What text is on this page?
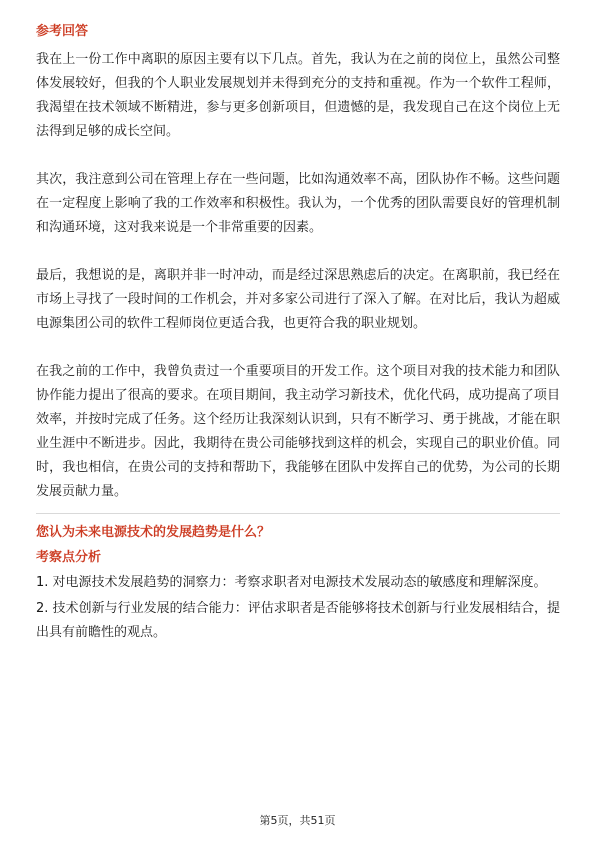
参考回答

我在上一份工作中离职的原因主要有以下几点。首先，我认为在之前的岗位上，虽然公司整体发展较好，但我的个人职业发展规划并未得到充分的支持和重视。作为一个软件工程师，我渴望在技术领域不断精进，参与更多创新项目，但遗憾的是，我发现自己在这个岗位上无法得到足够的成长空间。

其次，我注意到公司在管理上存在一些问题，比如沟通效率不高，团队协作不畅。这些问题在一定程度上影响了我的工作效率和积极性。我认为，一个优秀的团队需要良好的管理机制和沟通环境，这对我来说是一个非常重要的因素。

最后，我想说的是，离职并非一时冲动，而是经过深思熟虑后的决定。在离职前，我已经在市场上寻找了一段时间的工作机会，并对多家公司进行了深入了解。在对比后，我认为超威电源集团公司的软件工程师岗位更适合我，也更符合我的职业规划。

在我之前的工作中，我曾负责过一个重要项目的开发工作。这个项目对我的技术能力和团队协作能力提出了很高的要求。在项目期间，我主动学习新技术，优化代码，成功提高了项目效率，并按时完成了任务。这个经历让我深刻认识到，只有不断学习、勇于挑战，才能在职业生涯中不断进步。因此，我期待在贵公司能够找到这样的机会，实现自己的职业价值。同时，我也相信，在贵公司的支持和帮助下，我能够在团队中发挥自己的优势，为公司的长期发展贡献力量。

您认为未来电源技术的发展趋势是什么？

考察点分析

1. 对电源技术发展趋势的洞察力：考察求职者对电源技术发展动态的敏感度和理解深度。

2. 技术创新与行业发展的结合能力：评估求职者是否能够将技术创新与行业发展相结合，提出具有前瞻性的观点。

第5页，共51页
